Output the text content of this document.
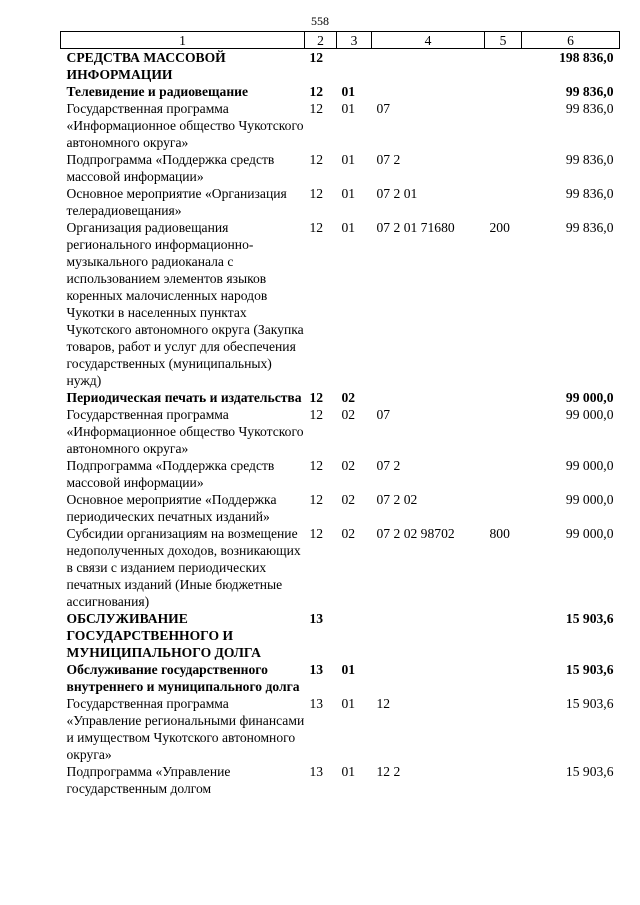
558
1	2	3	4	5	6
СРЕДСТВА МАССОВОЙ ИНФОРМАЦИИ	12				198 836,0
Телевидение и радиовещание	12	01			99 836,0
Государственная программа «Информационное общество Чукотского автономного округа»	12	01	07		99 836,0
Подпрограмма «Поддержка средств массовой информации»	12	01	07 2		99 836,0
Основное мероприятие «Организация телерадиовещания»	12	01	07 2 01		99 836,0
Организация радиовещания регионального информационно-музыкального радиоканала с использованием элементов языков коренных малочисленных народов Чукотки в населенных пунктах Чукотского автономного округа (Закупка товаров, работ и услуг для обеспечения государственных (муниципальных) нужд)	12	01	07 2 01 71680	200	99 836,0
Периодическая печать и издательства	12	02			99 000,0
Государственная программа «Информационное общество Чукотского автономного округа»	12	02	07		99 000,0
Подпрограмма «Поддержка средств массовой информации»	12	02	07 2		99 000,0
Основное мероприятие «Поддержка периодических печатных изданий»	12	02	07 2 02		99 000,0
Субсидии организациям на возмещение недополученных доходов, возникающих в связи с изданием периодических печатных изданий (Иные бюджетные ассигнования)	12	02	07 2 02 98702	800	99 000,0
ОБСЛУЖИВАНИЕ ГОСУДАРСТВЕННОГО И МУНИЦИПАЛЬНОГО ДОЛГА	13				15 903,6
Обслуживание государственного внутреннего и муниципального долга	13	01			15 903,6
Государственная программа «Управление региональными финансами и имуществом Чукотского автономного округа»	13	01	12		15 903,6
Подпрограмма «Управление государственным долгом	13	01	12 2		15 903,6
